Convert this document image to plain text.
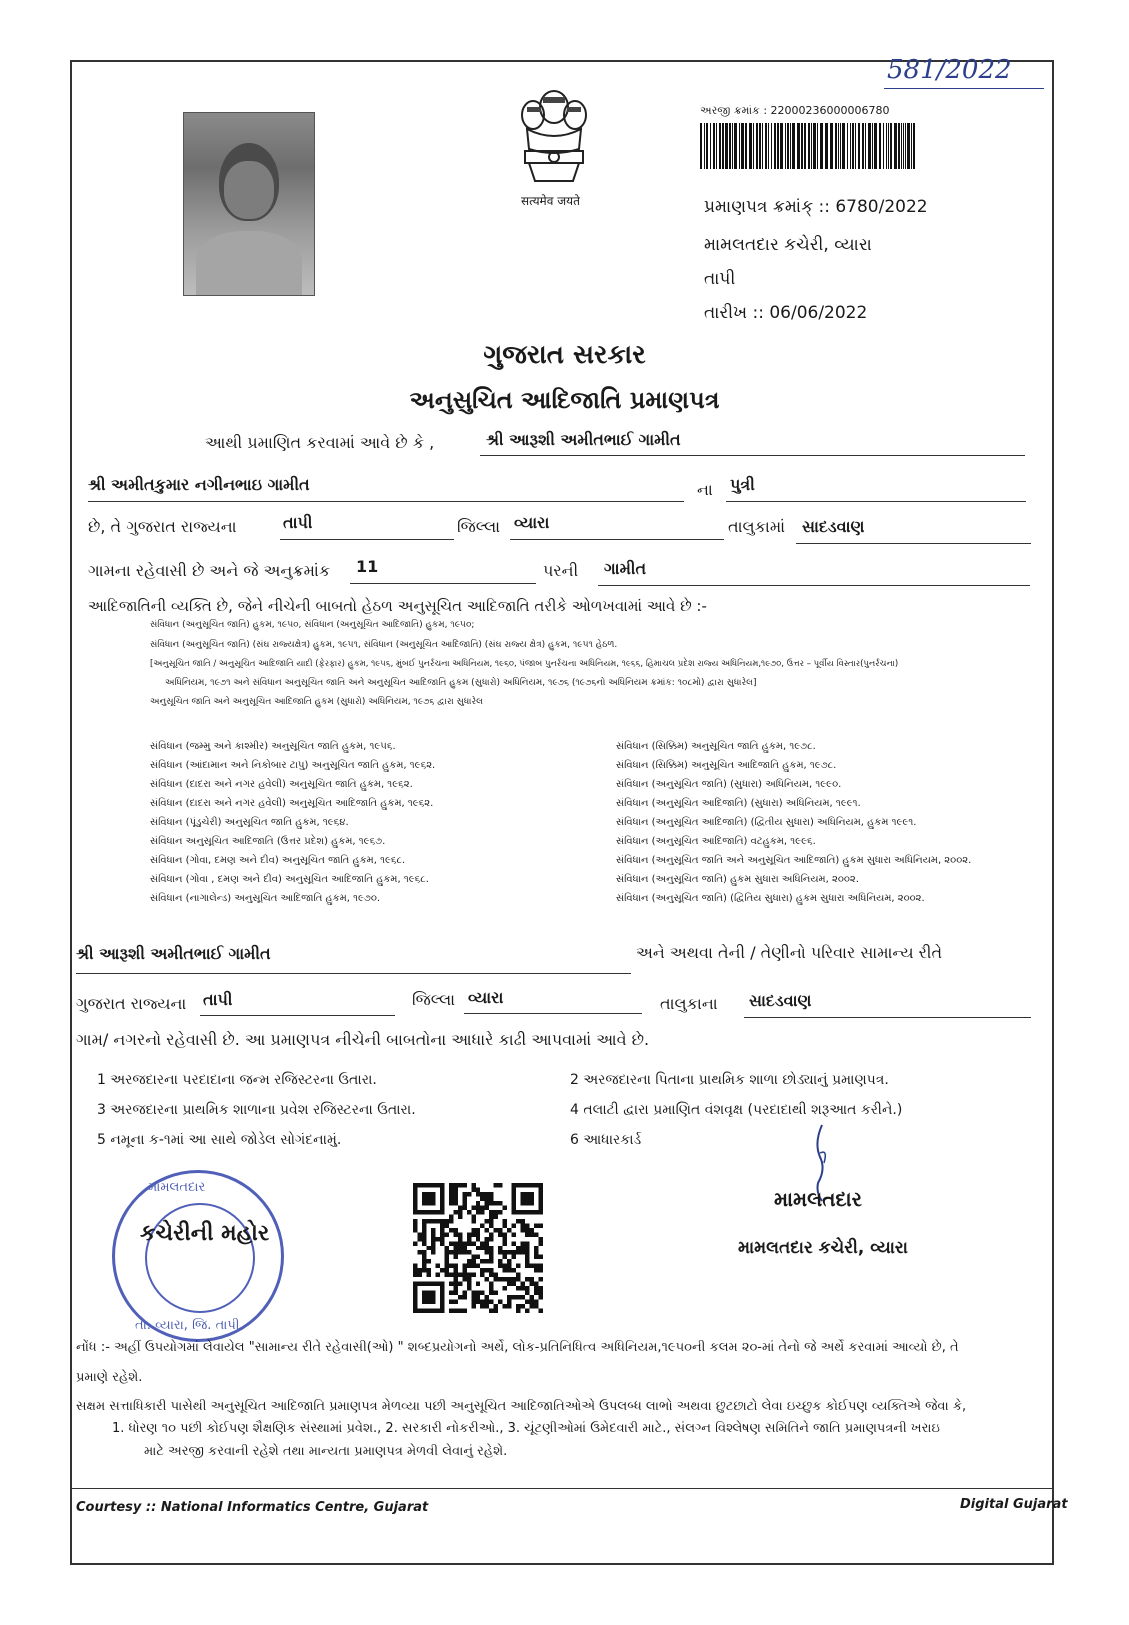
581/2022
सत्यमेव जयते
અરજી ક્રમાંક : 22000236000006780
પ્રમાણપત્ર ક્રમાંક્ :: 6780/2022
મામલતદાર કચેરી, વ્યારા
તાપી
તારીખ :: 06/06/2022
ગુજરાત સરકાર
અનુસુચિત આદિજાતિ પ્રમાણપત્ર
આથી પ્રમાણિત કરવામાં આવે છે કે ,	શ્રી આરૂશી અમીતભાઈ ગામીત
શ્રી અમીતકુમાર નગીનભાઇ ગામીત	ના પુત્રી
છે, તે ગુજરાત રાજ્યના	તાપી	જિલ્લા વ્યારા	તાલુકામાં સાદડવાણ
ગામના રહેવાસી છે અને જે અનુક્રમાંક 11	પરની ગામીત
આદિજાતિની વ્યક્તિ છે, જેને નીચેની બાબતો હેઠળ અનુસૂચિત આદિજાતિ તરીકે ઓળખવામાં આવે છે :-
સંવિધાન (અનુસૂચિત જાતિ) હુકમ, ૧૯૫૦, સંવિધાન (અનુસૂચિત આદિજાતિ) હુકમ, ૧૯૫૦;
સંવિધાન (અનુસૂચિત જાતિ) (સંઘ રાજ્યક્ષેત્ર) હુકમ, ૧૯૫૧, સંવિધાન (અનુસૂચિત આદિજાતિ) (સંઘ રાજ્ય ક્ષેત્ર) હુકમ, ૧૯૫૧ હેઠળ.
[અનુસૂચિત જાતિ / અનુસૂચિત આદિજાતિ યાદી (ફેરફાર) હુકમ, ૧૯૫૬, મુંબઈ પુનર્રચના અધિનિયમ, ૧૯૬૦, પંજાબ પુનર્રચના અધિનિયમ, ૧૯૬૬, હિમાચલ પ્રદેશ રાજ્ય અધિનિયમ,૧૯૭૦, ઉત્તર – પૂર્વીય વિસ્તાર(પુનર્રચના)
અધિનિયમ, ૧૯૭૧ અને સંવિધાન અનુસૂચિત જાતિ અને અનુસૂચિત આદિજાતિ હુકમ (સુધારો) અધિનિયમ, ૧૯૭૬ (૧૯૭૬નો અધિનિયમ ક્રમાંક: ૧૦૮મો) દ્વારા સુધારેલ]
અનુસૂચિત જાતિ અને અનુસૂચિત આદિજાતિ હુકમ (સુધારો) અધિનિયમ, ૧૯૭૬ દ્વારા સુધારેલ
સંવિધાન (જમ્મુ અને કાશ્મીર) અનુસૂચિત જાતિ હુકમ, ૧૯૫૬.
સંવિધાન (આંદામાન અને નિકોબાર ટાપુ) અનુસૂચિત જાતિ હુકમ, ૧૯૬૨.
સંવિધાન (દાદરા અને નગર હવેલી) અનુસૂચિત જાતિ હુકમ, ૧૯૬૨.
સંવિધાન (દાદરા અને નગર હવેલી) અનુસૂચિત આદિજાતિ હુકમ, ૧૯૬૨.
સંવિધાન (પૂંડુચેરી) અનુસૂચિત જાતિ હુકમ, ૧૯૬૪.
સંવિધાન અનુસૂચિત આદિજાતિ (ઉત્તર પ્રદેશ) હુકમ, ૧૯૬૭.
સંવિધાન (ગોવા, દમણ અને દીવ) અનુસૂચિત જાતિ હુકમ, ૧૯૬૮.
સંવિધાન (ગોવા , દમણ અને દીવ) અનુસૂચિત આદિજાતિ હુકમ, ૧૯૬૮.
સંવિધાન (નાગાલેન્ડ) અનુસૂચિત આદિજાતિ હુકમ, ૧૯૭૦.
સંવિધાન (સિક્કિમ) અનુસૂચિત જાતિ હુકમ, ૧૯૭૮.
સંવિધાન (સિક્કિમ) અનુસૂચિત આદિજાતિ હુકમ, ૧૯૭૮.
સંવિધાન (અનુસૂચિત જાતિ) (સુધારા) અધિનિયમ, ૧૯૯૦.
સંવિધાન (અનુસૂચિત આદિજાતિ) (સુધારા) અધિનિયમ, ૧૯૯૧.
સંવિધાન (અનુસૂચિત આદિજાતિ) (દ્વિતીય સુધારા) અધિનિયમ, હુકમ ૧૯૯૧.
સંવિધાન (અનુસૂચિત આદિજાતિ) વટહુકમ, ૧૯૯૬.
સંવિધાન (અનુસૂચિત જાતિ અને અનુસૂચિત આદિજાતિ) હુકમ સુધારા અધિનિયમ, ૨૦૦૨.
સંવિધાન (અનુસૂચિત જાતિ) હુકમ સુધારા અધિનિયમ, ૨૦૦૨.
સંવિધાન (અનુસૂચિત જાતિ) (દ્વિતિય સુધારા) હુકમ સુધારા અધિનિયમ, ૨૦૦૨.
શ્રી આરૂશી અમીતભાઈ ગામીત	અને અથવા તેની / તેણીનો પરિવાર સામાન્ય રીતે
ગુજરાત રાજ્યના તાપી	જિલ્લા વ્યારા	તાલુકાના સાદડવાણ
ગામ/ નગરનો રહેવાસી છે. આ પ્રમાણપત્ર નીચેની બાબતોના આધારે કાઢી આપવામાં આવે છે.
1 અરજદારના પરદાદાના જન્મ રજિસ્ટરના ઉતારા.	2 અરજદારના પિતાના પ્રાથમિક શાળા છોડ્યાનું પ્રમાણપત્ર.
3 અરજદારના પ્રાથમિક શાળાના પ્રવેશ રજિસ્ટરના ઉતારા.	4 તલાટી દ્વારા પ્રમાણિત વંશવૃક્ષ (પરદાદાથી શરૂઆત કરીને.)
5 નમૂના ક-૧માં આ સાથે જોડેલ સોગંદનામું.	6 આધારકાર્ડ
મામલતદાર
તા. વ્યારા, જિ. તાપી
કચેરીની મહોર
મામલતદાર
મામલતદાર કચેરી, વ્યારા
નોંધ :- અહીં ઉપયોગમાં લેવાયેલ "સામાન્ય રીતે રહેવાસી(ઓ) " શબ્દપ્રયોગનો અર્થે, લોક-પ્રતિનિધિત્વ અધિનિયમ,૧૯૫૦ની કલમ ૨૦-માં તેનો જે અર્થે કરવામાં આવ્યો છે, તે
પ્રમાણે રહેશે.
સક્ષમ સત્તાધિકારી પાસેથી અનુસૂચિત આદિજાતિ પ્રમાણપત્ર મેળવ્યા પછી અનુસૂચિત આદિજાતિઓએ ઉપલબ્ધ લાભો અથવા છુટછાટો લેવા ઇચ્છુક કોઈપણ વ્યક્તિએ જેવા કે,
1. ધોરણ ૧૦ પછી કોઈપણ શૈક્ષણિક સંસ્થામાં પ્રવેશ., 2. સરકારી નોકરીઓ., 3. ચૂંટણીઓમાં ઉમેદવારી માટે., સંલગ્ન વિશ્લેષણ સમિતિને જાતિ પ્રમાણપત્રની ખરાઇ
માટે અરજી કરવાની રહેશે તથા માન્યતા પ્રમાણપત્ર મેળવી લેવાનું રહેશે.
Courtesy :: National Informatics Centre, Gujarat	Digital Gujarat
